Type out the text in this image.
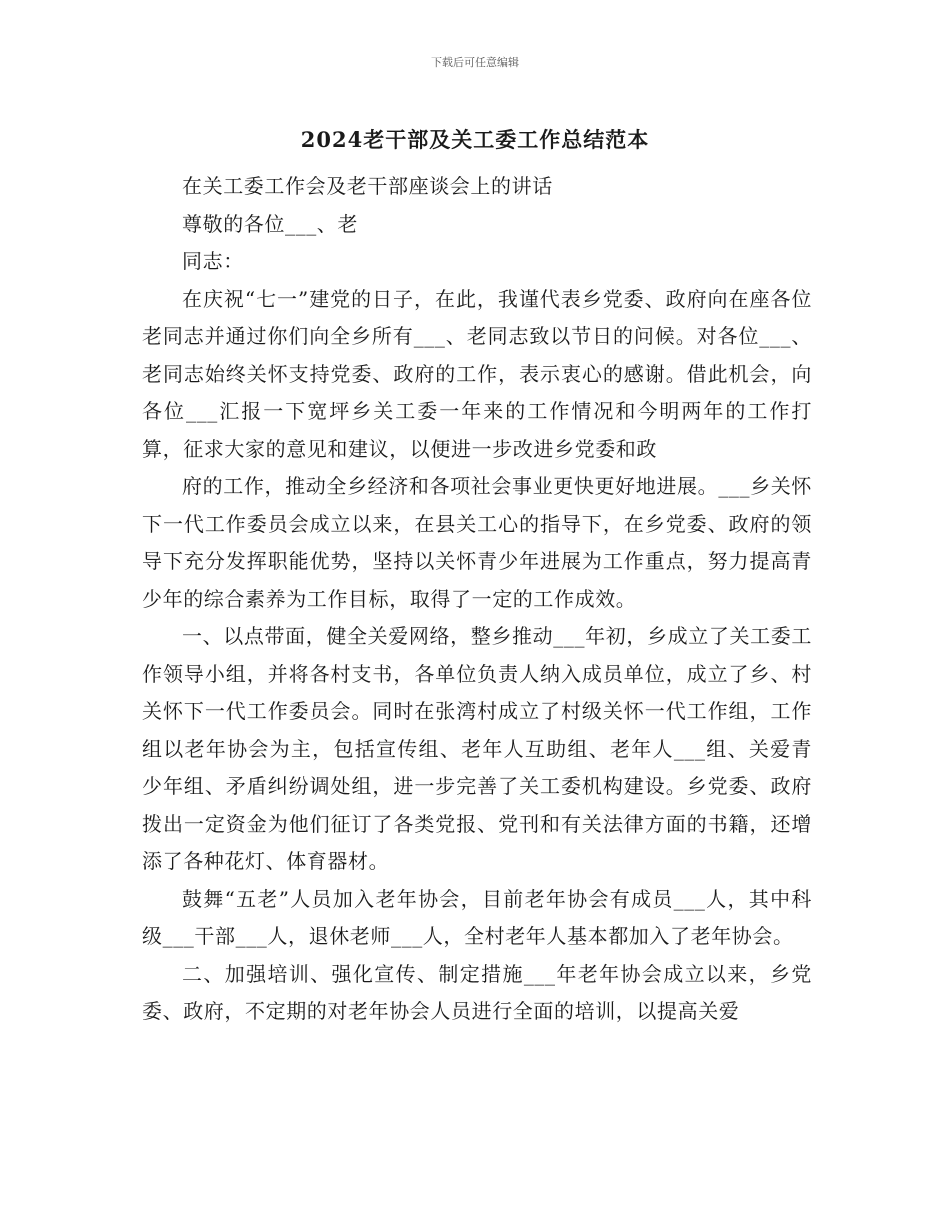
下载后可任意编辑
2024老干部及关工委工作总结范本

在关工委工作会及老干部座谈会上的讲话

尊敬的各位___、老

同志：

在庆祝“七一”建党的日子，在此，我谨代表乡党委、政府向在座各位老同志并通过你们向全乡所有___、老同志致以节日的问候。对各位___、老同志始终关怀支持党委、政府的工作，表示衷心的感谢。借此机会，向各位___汇报一下宽坪乡关工委一年来的工作情况和今明两年的工作打算，征求大家的意见和建议，以便进一步改进乡党委和政

府的工作，推动全乡经济和各项社会事业更快更好地进展。___乡关怀下一代工作委员会成立以来，在县关工心的指导下，在乡党委、政府的领导下充分发挥职能优势，坚持以关怀青少年进展为工作重点，努力提高青少年的综合素养为工作目标，取得了一定的工作成效。

一、以点带面，健全关爱网络，整乡推动___年初，乡成立了关工委工作领导小组，并将各村支书，各单位负责人纳入成员单位，成立了乡、村关怀下一代工作委员会。同时在张湾村成立了村级关怀一代工作组，工作组以老年协会为主，包括宣传组、老年人互助组、老年人___组、关爱青少年组、矛盾纠纷调处组，进一步完善了关工委机构建设。乡党委、政府拨出一定资金为他们征订了各类党报、党刊和有关法律方面的书籍，还增添了各种花灯、体育器材。

鼓舞“五老”人员加入老年协会，目前老年协会有成员___人，其中科级___干部___人，退休老师___人，全村老年人基本都加入了老年协会。

二、加强培训、强化宣传、制定措施___年老年协会成立以来，乡党委、政府，不定期的对老年协会人员进行全面的培训，以提高关爱
